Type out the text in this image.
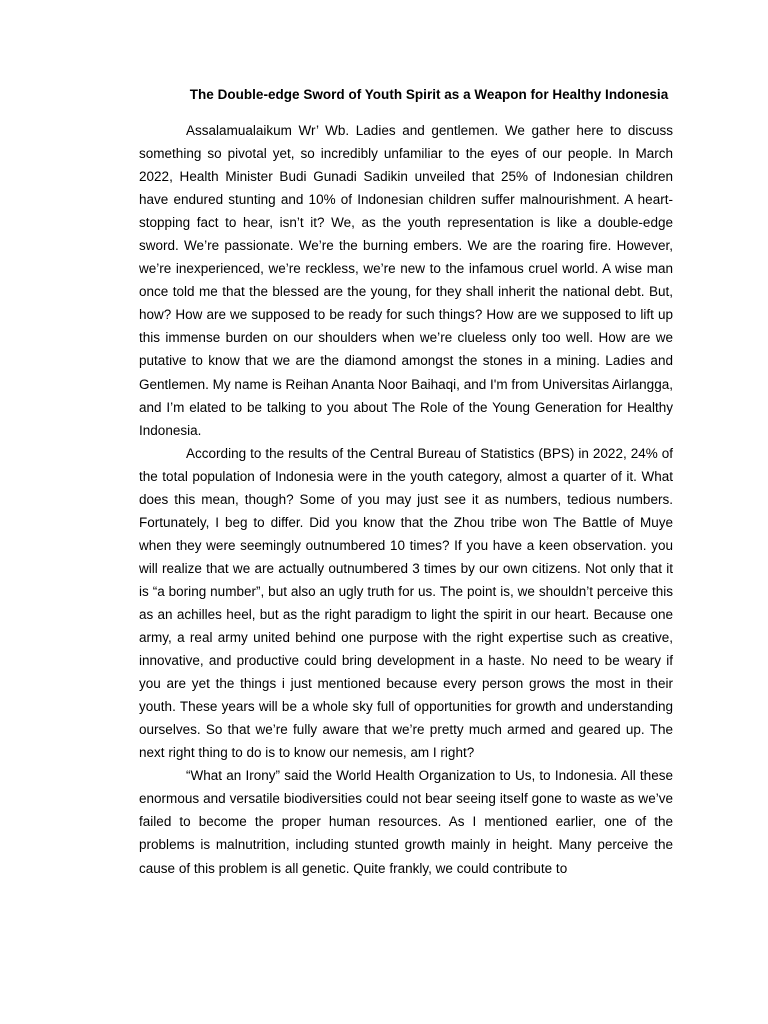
The Double-edge Sword of Youth Spirit as a Weapon for Healthy Indonesia

Assalamualaikum Wr’ Wb. Ladies and gentlemen. We gather here to discuss something so pivotal yet, so incredibly unfamiliar to the eyes of our people. In March 2022, Health Minister Budi Gunadi Sadikin unveiled that 25% of Indonesian children have endured stunting and 10% of Indonesian children suffer malnourishment. A heart-stopping fact to hear, isn’t it? We, as the youth representation is like a double-edge sword. We’re passionate. We’re the burning embers. We are the roaring fire. However, we’re inexperienced, we’re reckless, we’re new to the infamous cruel world. A wise man once told me that the blessed are the young, for they shall inherit the national debt. But, how? How are we supposed to be ready for such things? How are we supposed to lift up this immense burden on our shoulders when we’re clueless only too well. How are we putative to know that we are the diamond amongst the stones in a mining. Ladies and Gentlemen. My name is Reihan Ananta Noor Baihaqi, and I'm from Universitas Airlangga, and I’m elated to be talking to you about The Role of the Young Generation for Healthy Indonesia.

According to the results of the Central Bureau of Statistics (BPS) in 2022, 24% of the total population of Indonesia were in the youth category, almost a quarter of it. What does this mean, though? Some of you may just see it as numbers, tedious numbers. Fortunately, I beg to differ. Did you know that the Zhou tribe won The Battle of Muye when they were seemingly outnumbered 10 times? If you have a keen observation. you will realize that we are actually outnumbered 3 times by our own citizens. Not only that it is “a boring number”, but also an ugly truth for us. The point is, we shouldn’t perceive this as an achilles heel, but as the right paradigm to light the spirit in our heart. Because one army, a real army united behind one purpose with the right expertise such as creative, innovative, and productive could bring development in a haste. No need to be weary if you are yet the things i just mentioned because every person grows the most in their youth. These years will be a whole sky full of opportunities for growth and understanding ourselves. So that we’re fully aware that we’re pretty much armed and geared up. The next right thing to do is to know our nemesis, am I right?

“What an Irony” said the World Health Organization to Us, to Indonesia. All these enormous and versatile biodiversities could not bear seeing itself gone to waste as we’ve failed to become the proper human resources. As I mentioned earlier, one of the problems is malnutrition, including stunted growth mainly in height. Many perceive the cause of this problem is all genetic. Quite frankly, we could contribute to
